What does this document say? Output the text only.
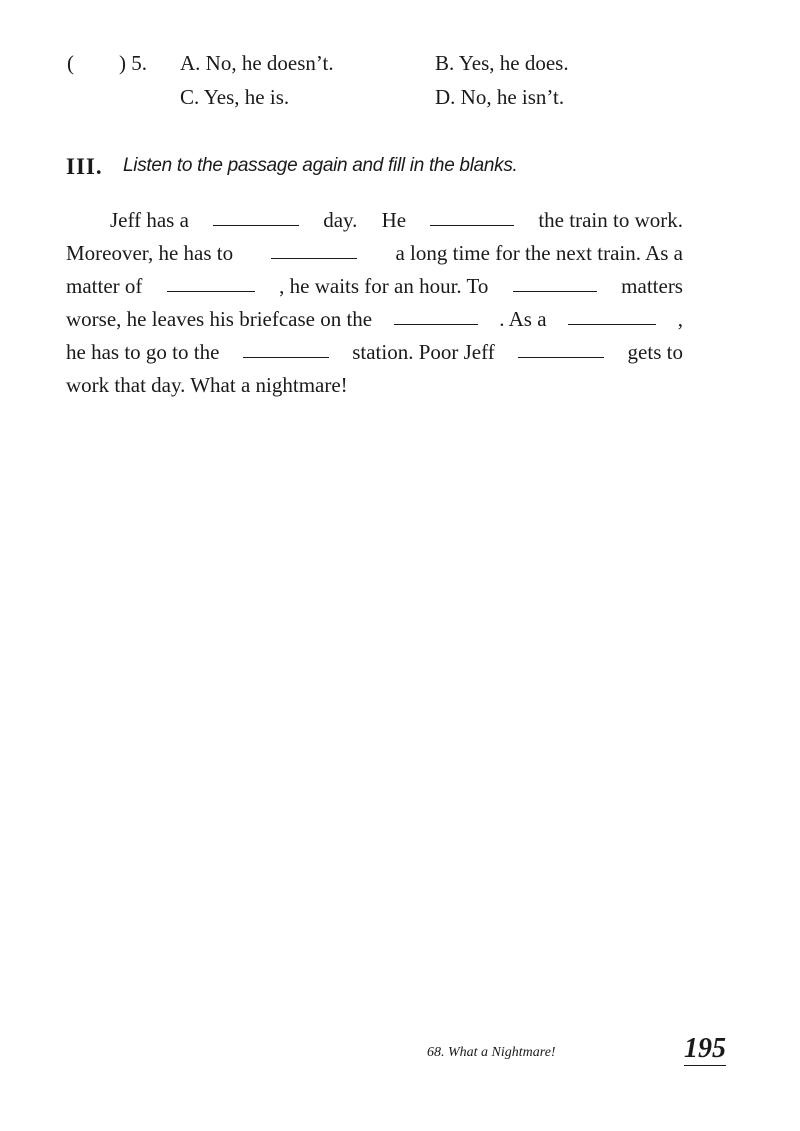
( ) 5. A. No, he doesn’t.	B. Yes, he does.
C. Yes, he is.	D. No, he isn’t.
III. Listen to the passage again and fill in the blanks.
Jeff has a	day. He	the train to work.
Moreover, he has to	a long time for the next train. As a
matter of	, he waits for an hour. To	matters
worse, he leaves his briefcase on the	. As a	,
he has to go to the	station. Poor Jeff	gets to
work that day. What a nightmare!
68. What a Nightmare!	195
